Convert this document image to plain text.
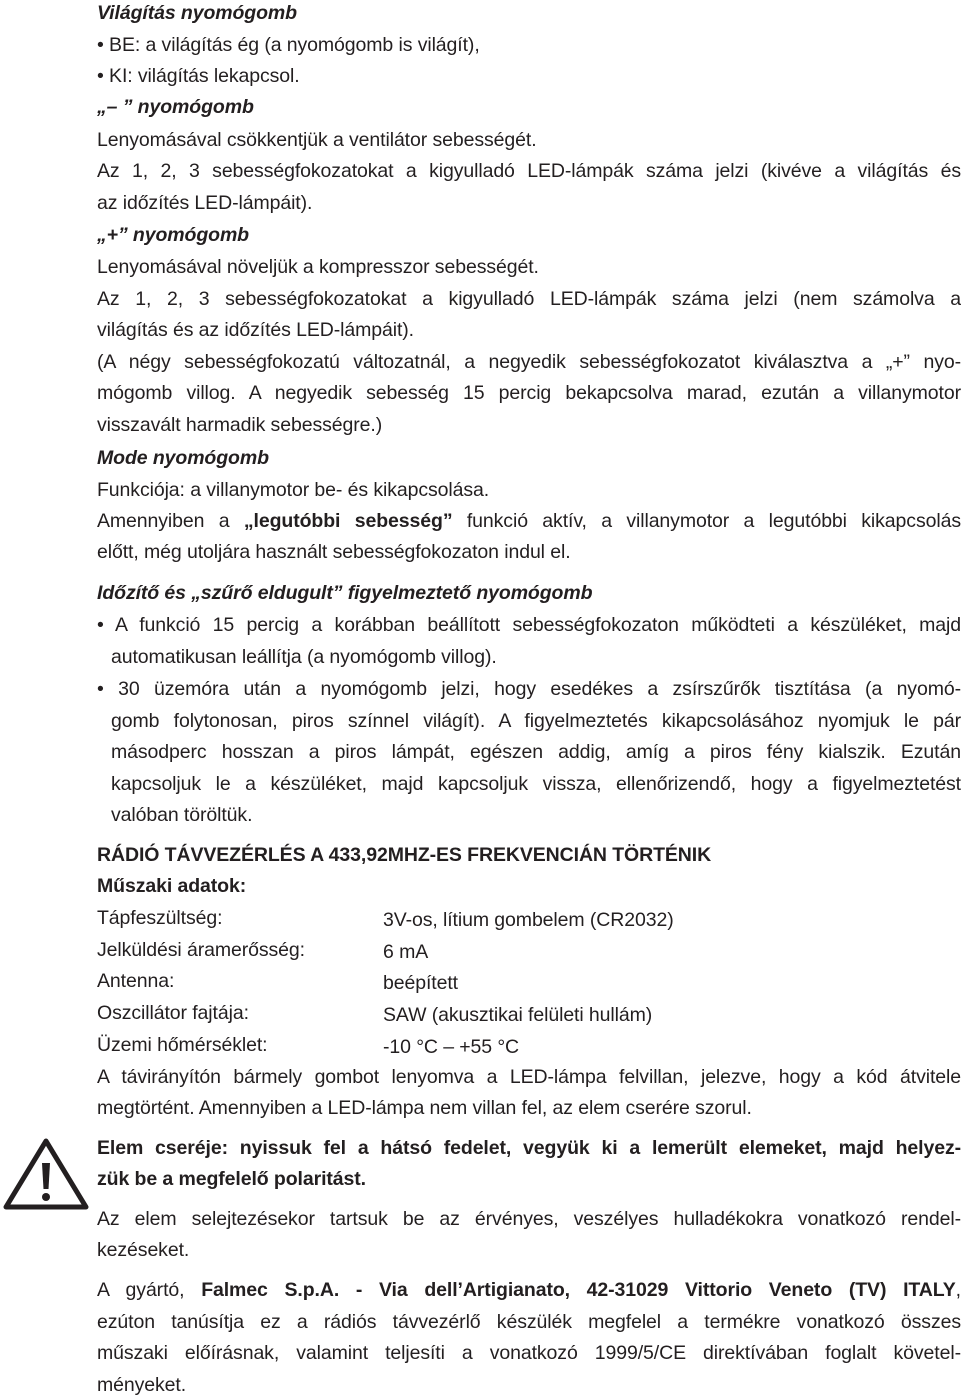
Világítás nyomógomb
• BE: a világítás ég (a nyomógomb is világít),
• KI: világítás lekapcsol.
„– ” nyomógomb
Lenyomásával csökkentjük a ventilátor sebességét.
Az 1, 2, 3 sebességfokozatokat a kigyulladó LED-lámpák száma jelzi (kivéve a világítás és
az időzítés LED-lámpáit).
„+” nyomógomb
Lenyomásával növeljük a kompresszor sebességét.
Az 1, 2, 3 sebességfokozatokat a kigyulladó LED-lámpák száma jelzi (nem számolva a
világítás és az időzítés LED-lámpáit).
(A négy sebességfokozatú változatnál, a negyedik sebességfokozatot kiválasztva a „+” nyo-
mógomb villog. A negyedik sebesség 15 percig bekapcsolva marad, ezután a villanymotor
visszavált harmadik sebességre.)
Mode nyomógomb
Funkciója: a villanymotor be- és kikapcsolása.
Amennyiben a „legutóbbi sebesség” funkció aktív, a villanymotor a legutóbbi kikapcsolás
előtt, még utoljára használt sebességfokozaton indul el.
Időzítő és „szűrő eldugult” figyelmeztető nyomógomb
• A funkció 15 percig a korábban beállított sebességfokozaton működteti a készüléket, majd
automatikusan leállítja (a nyomógomb villog).
• 30 üzemóra után a nyomógomb jelzi, hogy esedékes a zsírszűrők tisztítása (a nyomó-
gomb folytonosan, piros színnel világít). A figyelmeztetés kikapcsolásához nyomjuk le pár
másodperc hosszan a piros lámpát, egészen addig, amíg a piros fény kialszik. Ezután
kapcsoljuk le a készüléket, majd kapcsoljuk vissza, ellenőrizendő, hogy a figyelmeztetést
valóban töröltük.
RÁDIÓ TÁVVEZÉRLÉS A 433,92MHZ-ES FREKVENCIÁN TÖRTÉNIK
Műszaki adatok:
Tápfeszültség:	3V-os, lítium gombelem (CR2032)
Jelküldési áramerősség:	6 mA
Antenna:	beépített
Oszcillátor fajtája:	SAW (akusztikai felületi hullám)
Üzemi hőmérséklet:	-10 °C – +55 °C
A távirányítón bármely gombot lenyomva a LED-lámpa felvillan, jelezve, hogy a kód átvitele
megtörtént. Amennyiben a LED-lámpa nem villan fel, az elem cserére szorul.
Elem cseréje: nyissuk fel a hátsó fedelet, vegyük ki a lemerült elemeket, majd helyez-
zük be a megfelelő polaritást.
Az elem selejtezésekor tartsuk be az érvényes, veszélyes hulladékokra vonatkozó rendel-
kezéseket.
A gyártó, Falmec S.p.A. - Via dell’Artigianato, 42-31029 Vittorio Veneto (TV) ITALY,
ezúton tanúsítja ez a rádiós távvezérlő készülék megfelel a termékre vonatkozó összes
műszaki előírásnak, valamint teljesíti a vonatkozó 1999/5/CE direktívában foglalt követel-
ményeket.
